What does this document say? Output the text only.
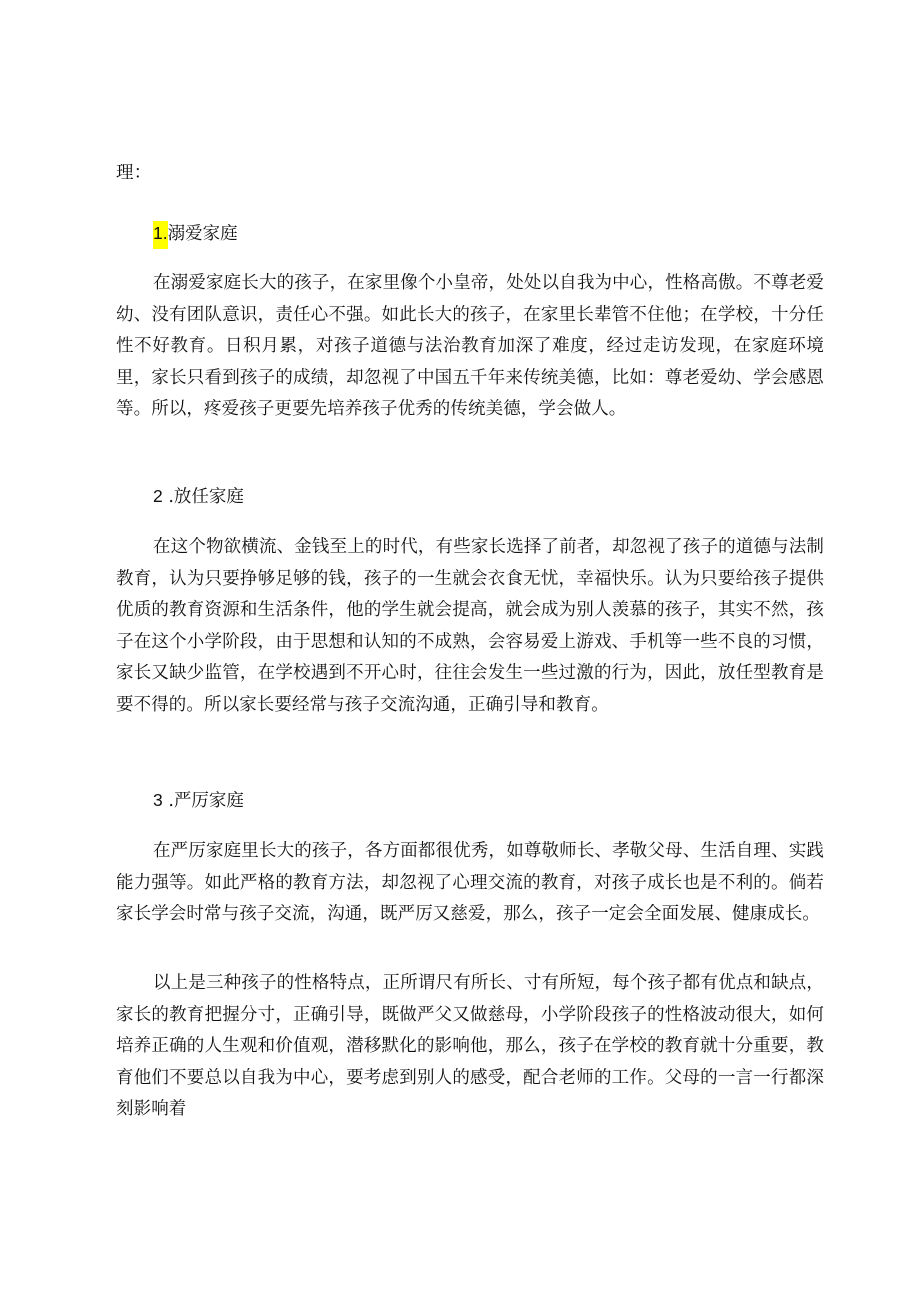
理：
1.溺爱家庭
在溺爱家庭长大的孩子，在家里像个小皇帝，处处以自我为中心，性格高傲。不尊老爱幼、没有团队意识，责任心不强。如此长大的孩子，在家里长辈管不住他；在学校，十分任性不好教育。日积月累，对孩子道德与法治教育加深了难度，经过走访发现，在家庭环境里，家长只看到孩子的成绩，却忽视了中国五千年来传统美德，比如：尊老爱幼、学会感恩等。所以，疼爱孩子更要先培养孩子优秀的传统美德，学会做人。
2 .放任家庭
在这个物欲横流、金钱至上的时代，有些家长选择了前者，却忽视了孩子的道德与法制教育，认为只要挣够足够的钱，孩子的一生就会衣食无忧，幸福快乐。认为只要给孩子提供优质的教育资源和生活条件，他的学生就会提高，就会成为别人羡慕的孩子，其实不然，孩子在这个小学阶段，由于思想和认知的不成熟，会容易爱上游戏、手机等一些不良的习惯，家长又缺少监管，在学校遇到不开心时，往往会发生一些过激的行为，因此，放任型教育是要不得的。所以家长要经常与孩子交流沟通，正确引导和教育。
3 .严厉家庭
在严厉家庭里长大的孩子，各方面都很优秀，如尊敬师长、孝敬父母、生活自理、实践能力强等。如此严格的教育方法，却忽视了心理交流的教育，对孩子成长也是不利的。倘若家长学会时常与孩子交流，沟通，既严厉又慈爱，那么，孩子一定会全面发展、健康成长。
以上是三种孩子的性格特点，正所谓尺有所长、寸有所短，每个孩子都有优点和缺点，家长的教育把握分寸，正确引导，既做严父又做慈母，小学阶段孩子的性格波动很大，如何培养正确的人生观和价值观，潜移默化的影响他，那么，孩子在学校的教育就十分重要，教育他们不要总以自我为中心，要考虑到别人的感受，配合老师的工作。父母的一言一行都深刻影响着
